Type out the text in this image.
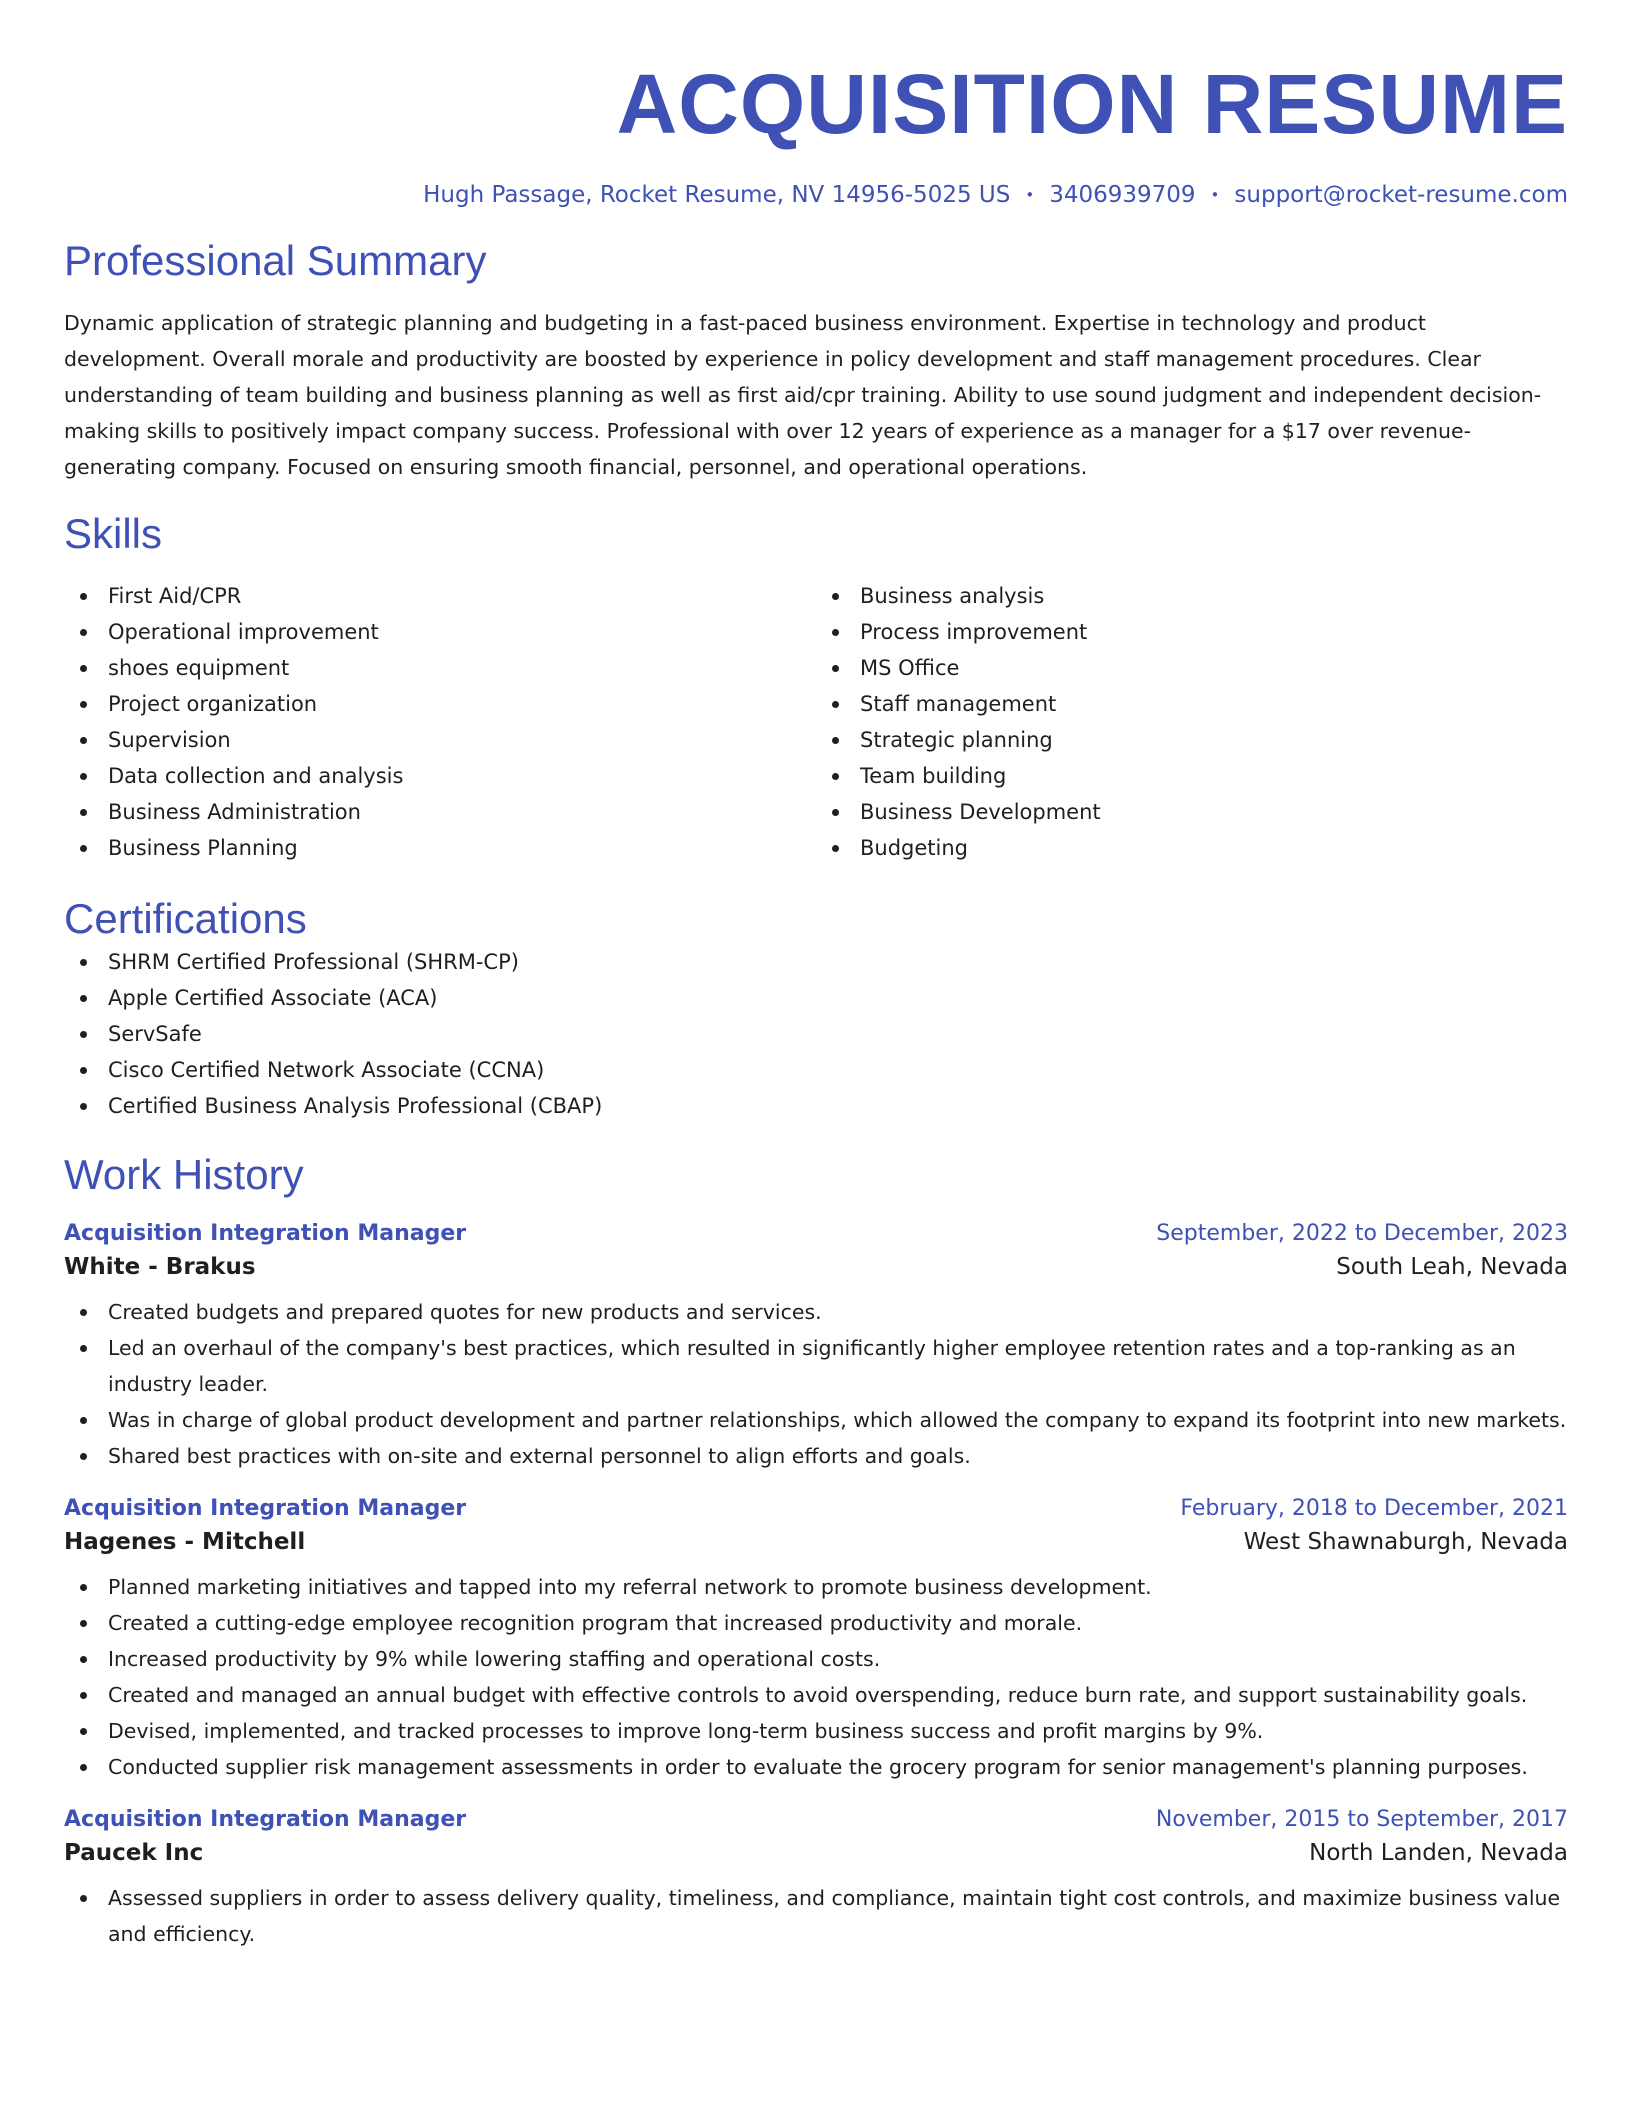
ACQUISITION RESUME
Hugh Passage, Rocket Resume, NV 14956-5025 US • 3406939709 • support@rocket-resume.com
Professional Summary

Dynamic application of strategic planning and budgeting in a fast-paced business environment. Expertise in technology and product development. Overall morale and productivity are boosted by experience in policy development and staff management procedures. Clear understanding of team building and business planning as well as first aid/cpr training. Ability to use sound judgment and independent decision-making skills to positively impact company success. Professional with over 12 years of experience as a manager for a $17 over revenue-generating company. Focused on ensuring smooth financial, personnel, and operational operations.

Skills
First Aid/CPR
Operational improvement
shoes equipment
Project organization
Supervision
Data collection and analysis
Business Administration
Business Planning
Business analysis
Process improvement
MS Office
Staff management
Strategic planning
Team building
Business Development
Budgeting
Certifications
SHRM Certified Professional (SHRM-CP)
Apple Certified Associate (ACA)
ServSafe
Cisco Certified Network Associate (CCNA)
Certified Business Analysis Professional (CBAP)
Work History
Acquisition Integration Manager	September, 2022 to December, 2023
White - Brakus	South Leah, Nevada
Created budgets and prepared quotes for new products and services.
Led an overhaul of the company's best practices, which resulted in significantly higher employee retention rates and a top-ranking as an industry leader.
Was in charge of global product development and partner relationships, which allowed the company to expand its footprint into new markets.
Shared best practices with on-site and external personnel to align efforts and goals.
Acquisition Integration Manager	February, 2018 to December, 2021
Hagenes - Mitchell	West Shawnaburgh, Nevada
Planned marketing initiatives and tapped into my referral network to promote business development.
Created a cutting-edge employee recognition program that increased productivity and morale.
Increased productivity by 9% while lowering staffing and operational costs.
Created and managed an annual budget with effective controls to avoid overspending, reduce burn rate, and support sustainability goals.
Devised, implemented, and tracked processes to improve long-term business success and profit margins by 9%.
Conducted supplier risk management assessments in order to evaluate the grocery program for senior management's planning purposes.
Acquisition Integration Manager	November, 2015 to September, 2017
Paucek Inc	North Landen, Nevada
Assessed suppliers in order to assess delivery quality, timeliness, and compliance, maintain tight cost controls, and maximize business value and efficiency.
